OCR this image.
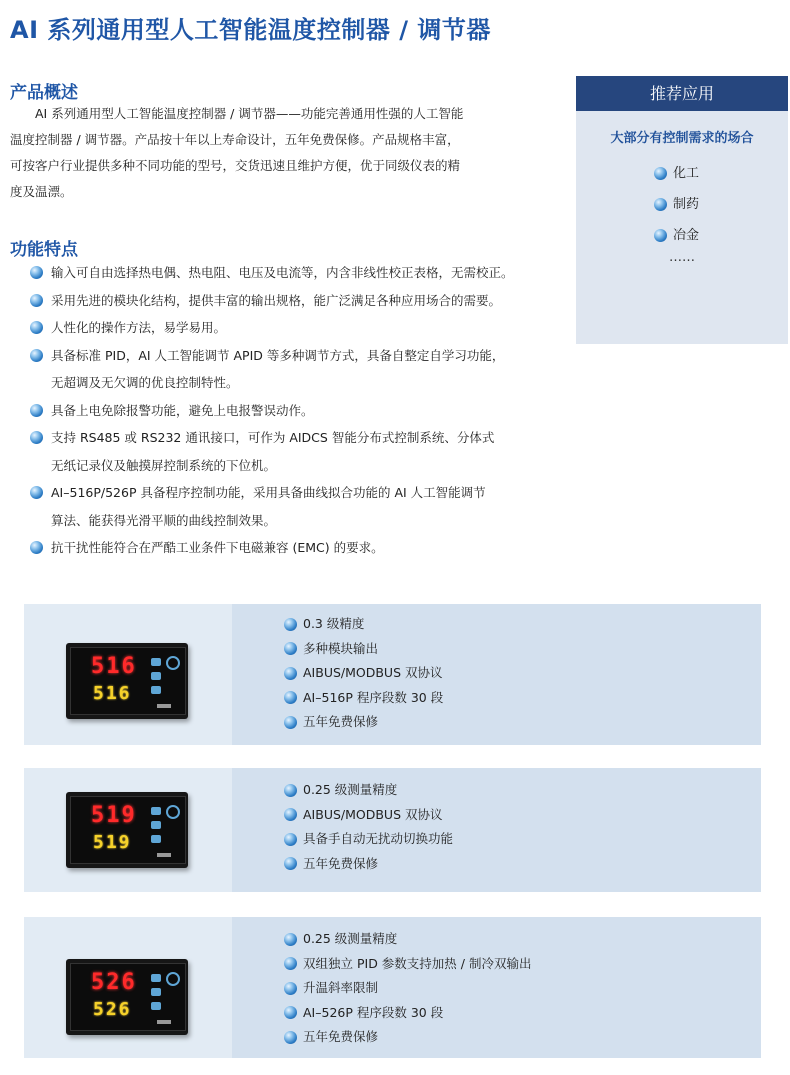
AI 系列通用型人工智能温度控制器 / 调节器
产品概述
　　AI 系列通用型人工智能温度控制器 / 调节器——功能完善通用性强的人工智能
温度控制器 / 调节器。产品按十年以上寿命设计，五年免费保修。产品规格丰富，
可按客户行业提供多种不同功能的型号，交货迅速且维护方便，优于同级仪表的精
度及温漂。
功能特点
输入可自由选择热电偶、热电阻、电压及电流等，内含非线性校正表格，无需校正。
采用先进的模块化结构，提供丰富的输出规格，能广泛满足各种应用场合的需要。
人性化的操作方法，易学易用。
具备标准 PID，AI 人工智能调节 APID 等多种调节方式，具备自整定自学习功能，
无超调及无欠调的优良控制特性。
具备上电免除报警功能，避免上电报警误动作。
支持 RS485 或 RS232 通讯接口，可作为 AIDCS 智能分布式控制系统、分体式
无纸记录仪及触摸屏控制系统的下位机。
AI–516P/526P 具备程序控制功能，采用具备曲线拟合功能的 AI 人工智能调节
算法、能获得光滑平顺的曲线控制效果。
抗干扰性能符合在严酷工业条件下电磁兼容 (EMC) 的要求。
推荐应用
大部分有控制需求的场合
化工
制药
冶金
……
516
516
0.3 级精度
多种模块输出
AIBUS/MODBUS 双协议
AI–516P 程序段数 30 段
五年免费保修
519
519
0.25 级测量精度
AIBUS/MODBUS 双协议
具备手自动无扰动切换功能
五年免费保修
526
526
0.25 级测量精度
双组独立 PID 参数支持加热 / 制冷双输出
升温斜率限制
AI–526P 程序段数 30 段
五年免费保修
